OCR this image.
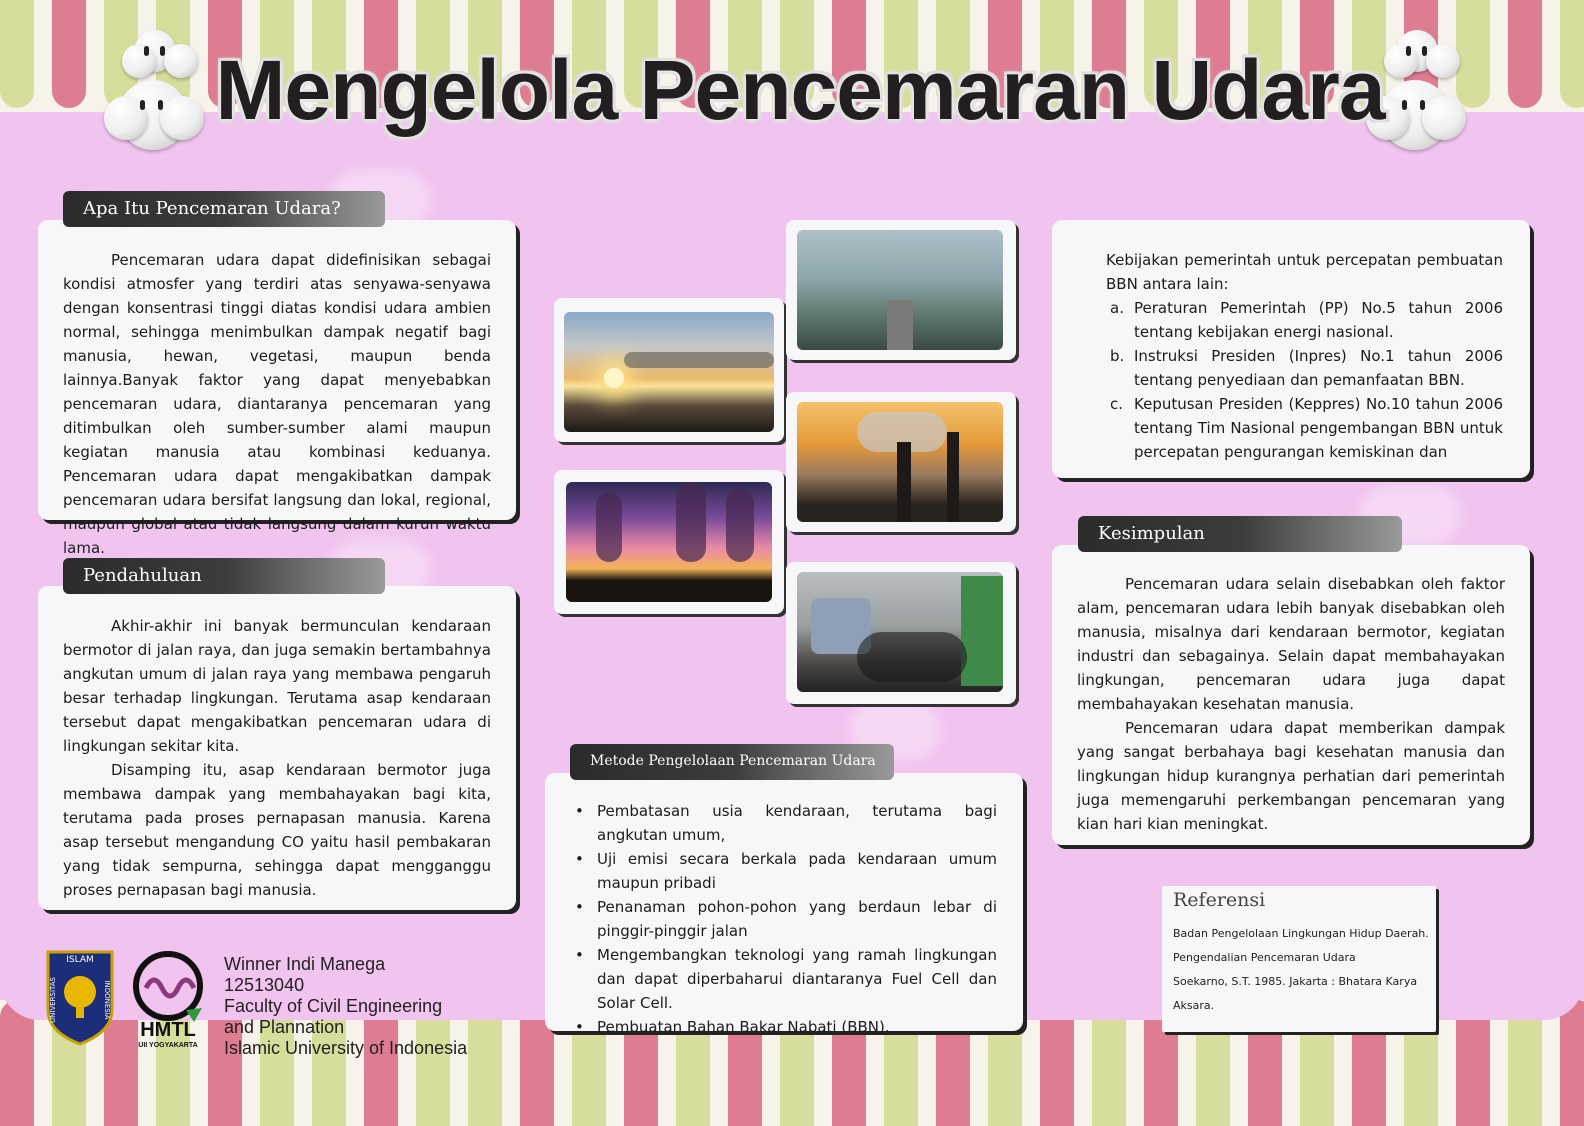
Mengelola Pencemaran Udara
Pencemaran udara dapat didefinisikan sebagai kondisi atmosfer yang terdiri atas senyawa-senyawa dengan konsentrasi tinggi diatas kondisi udara ambien normal, sehingga menimbulkan dampak negatif bagi manusia, hewan, vegetasi, maupun benda lainnya.Banyak faktor yang dapat menyebabkan pencemaran udara, diantaranya pencemaran yang ditimbulkan oleh sumber-sumber alami maupun kegiatan manusia atau kombinasi keduanya. Pencemaran udara dapat mengakibatkan dampak pencemaran udara bersifat langsung dan lokal, regional, maupun global atau tidak langsung dalam kurun waktu lama.
Apa Itu Pencemaran Udara?
Akhir-akhir ini banyak bermunculan kendaraan bermotor di jalan raya, dan juga semakin bertambahnya angkutan umum di jalan raya yang membawa pengaruh besar terhadap lingkungan. Terutama asap kendaraan tersebut dapat mengakibatkan pencemaran udara di lingkungan sekitar kita.
Disamping itu, asap kendaraan bermotor juga membawa dampak yang membahayakan bagi kita, terutama pada proses pernapasan manusia. Karena asap tersebut mengandung CO yaitu hasil pembakaran yang tidak sempurna, sehingga dapat mengganggu proses pernapasan bagi manusia.
Pendahuluan
• Pembatasan usia kendaraan, terutama bagi angkutan umum,
• Uji emisi secara berkala pada kendaraan umum maupun pribadi
• Penanaman pohon-pohon yang berdaun lebar di pinggir-pinggir jalan
• Mengembangkan teknologi yang ramah lingkungan dan dapat diperbaharui diantaranya Fuel Cell dan Solar Cell.
• Pembuatan Bahan Bakar Nabati (BBN).
Metode Pengelolaan Pencemaran Udara
Kebijakan pemerintah untuk percepatan pembuatan BBN antara lain:
a. Peraturan Pemerintah (PP) No.5 tahun 2006 tentang kebijakan energi nasional.
b. Instruksi Presiden (Inpres) No.1 tahun 2006 tentang penyediaan dan pemanfaatan BBN.
c. Keputusan Presiden (Keppres) No.10 tahun 2006 tentang Tim Nasional pengembangan BBN untuk percepatan pengurangan kemiskinan dan
Pencemaran udara selain disebabkan oleh faktor alam, pencemaran udara lebih banyak disebabkan oleh manusia, misalnya dari kendaraan bermotor, kegiatan industri dan sebagainya. Selain dapat membahayakan lingkungan, pencemaran udara juga dapat membahayakan kesehatan manusia.
Pencemaran udara dapat memberikan dampak yang sangat berbahaya bagi kesehatan manusia dan lingkungan hidup kurangnya perhatian dari pemerintah juga memengaruhi perkembangan pencemaran yang kian hari kian meningkat.
Kesimpulan
Referensi
Badan Pengelolaan Lingkungan Hidup Daerah.
Pengendalian Pencemaran Udara
Soekarno, S.T. 1985. Jakarta : Bhatara Karya
Aksara.
ISLAM
UNIVERSITAS	INDONESIA
HMTL
UII YOGYAKARTA
Winner Indi Manega
12513040
Faculty of Civil Engineering
and Plannation
Islamic University of Indonesia
